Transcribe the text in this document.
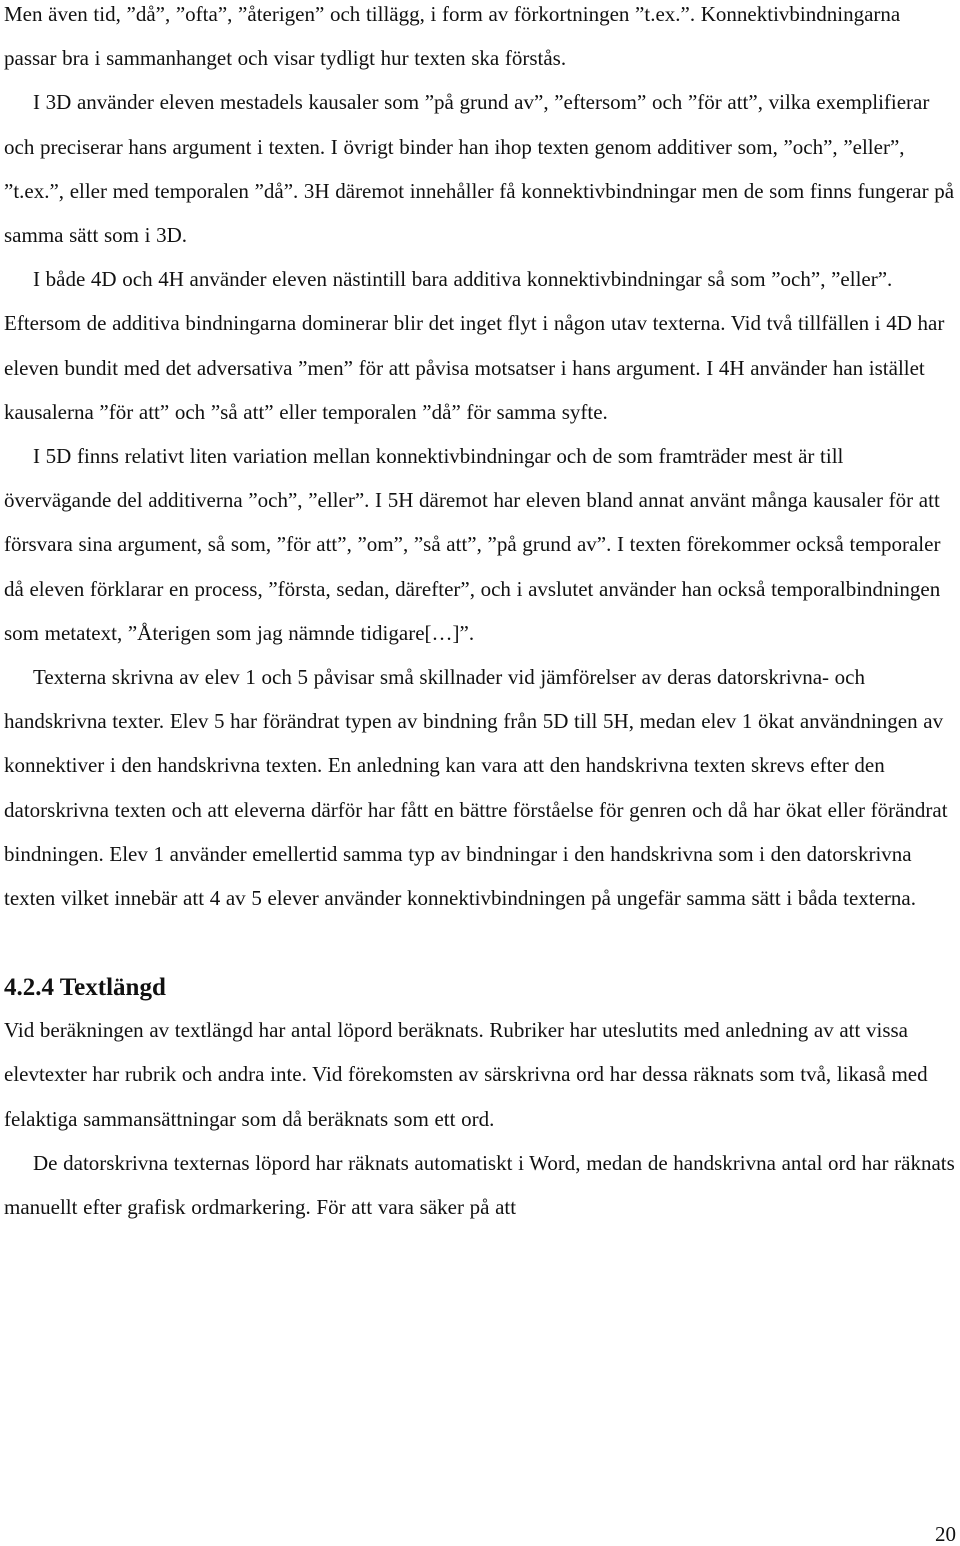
Men även tid, ”då”, ”ofta”, ”återigen” och tillägg, i form av förkortningen ”t.ex.”. Konnektivbindningarna passar bra i sammanhanget och visar tydligt hur texten ska förstås.

I 3D använder eleven mestadels kausaler som ”på grund av”, ”eftersom” och ”för att”, vilka exemplifierar och preciserar hans argument i texten. I övrigt binder han ihop texten genom additiver som, ”och”, ”eller”, ”t.ex.”, eller med temporalen ”då”. 3H däremot innehåller få konnektivbindningar men de som finns fungerar på samma sätt som i 3D.

I både 4D och 4H använder eleven nästintill bara additiva konnektivbindningar så som ”och”, ”eller”. Eftersom de additiva bindningarna dominerar blir det inget flyt i någon utav texterna. Vid två tillfällen i 4D har eleven bundit med det adversativa ”men” för att påvisa motsatser i hans argument. I 4H använder han istället kausalerna ”för att” och ”så att” eller temporalen ”då” för samma syfte.

I 5D finns relativt liten variation mellan konnektivbindningar och de som framträder mest är till övervägande del additiverna ”och”, ”eller”. I 5H däremot har eleven bland annat använt många kausaler för att försvara sina argument, så som, ”för att”, ”om”, ”så att”, ”på grund av”. I texten förekommer också temporaler då eleven förklarar en process, ”första, sedan, därefter”, och i avslutet använder han också temporalbindningen som metatext, ”Återigen som jag nämnde tidigare[…]”.

Texterna skrivna av elev 1 och 5 påvisar små skillnader vid jämförelser av deras datorskrivna- och handskrivna texter. Elev 5 har förändrat typen av bindning från 5D till 5H, medan elev 1 ökat användningen av konnektiver i den handskrivna texten. En anledning kan vara att den handskrivna texten skrevs efter den datorskrivna texten och att eleverna därför har fått en bättre förståelse för genren och då har ökat eller förändrat bindningen. Elev 1 använder emellertid samma typ av bindningar i den handskrivna som i den datorskrivna texten vilket innebär att 4 av 5 elever använder konnektivbindningen på ungefär samma sätt i båda texterna.

4.2.4 Textlängd

Vid beräkningen av textlängd har antal löpord beräknats. Rubriker har uteslutits med anledning av att vissa elevtexter har rubrik och andra inte. Vid förekomsten av särskrivna ord har dessa räknats som två, likaså med felaktiga sammansättningar som då beräknats som ett ord.

De datorskrivna texternas löpord har räknats automatiskt i Word, medan de handskrivna antal ord har räknats manuellt efter grafisk ordmarkering. För att vara säker på att

20
